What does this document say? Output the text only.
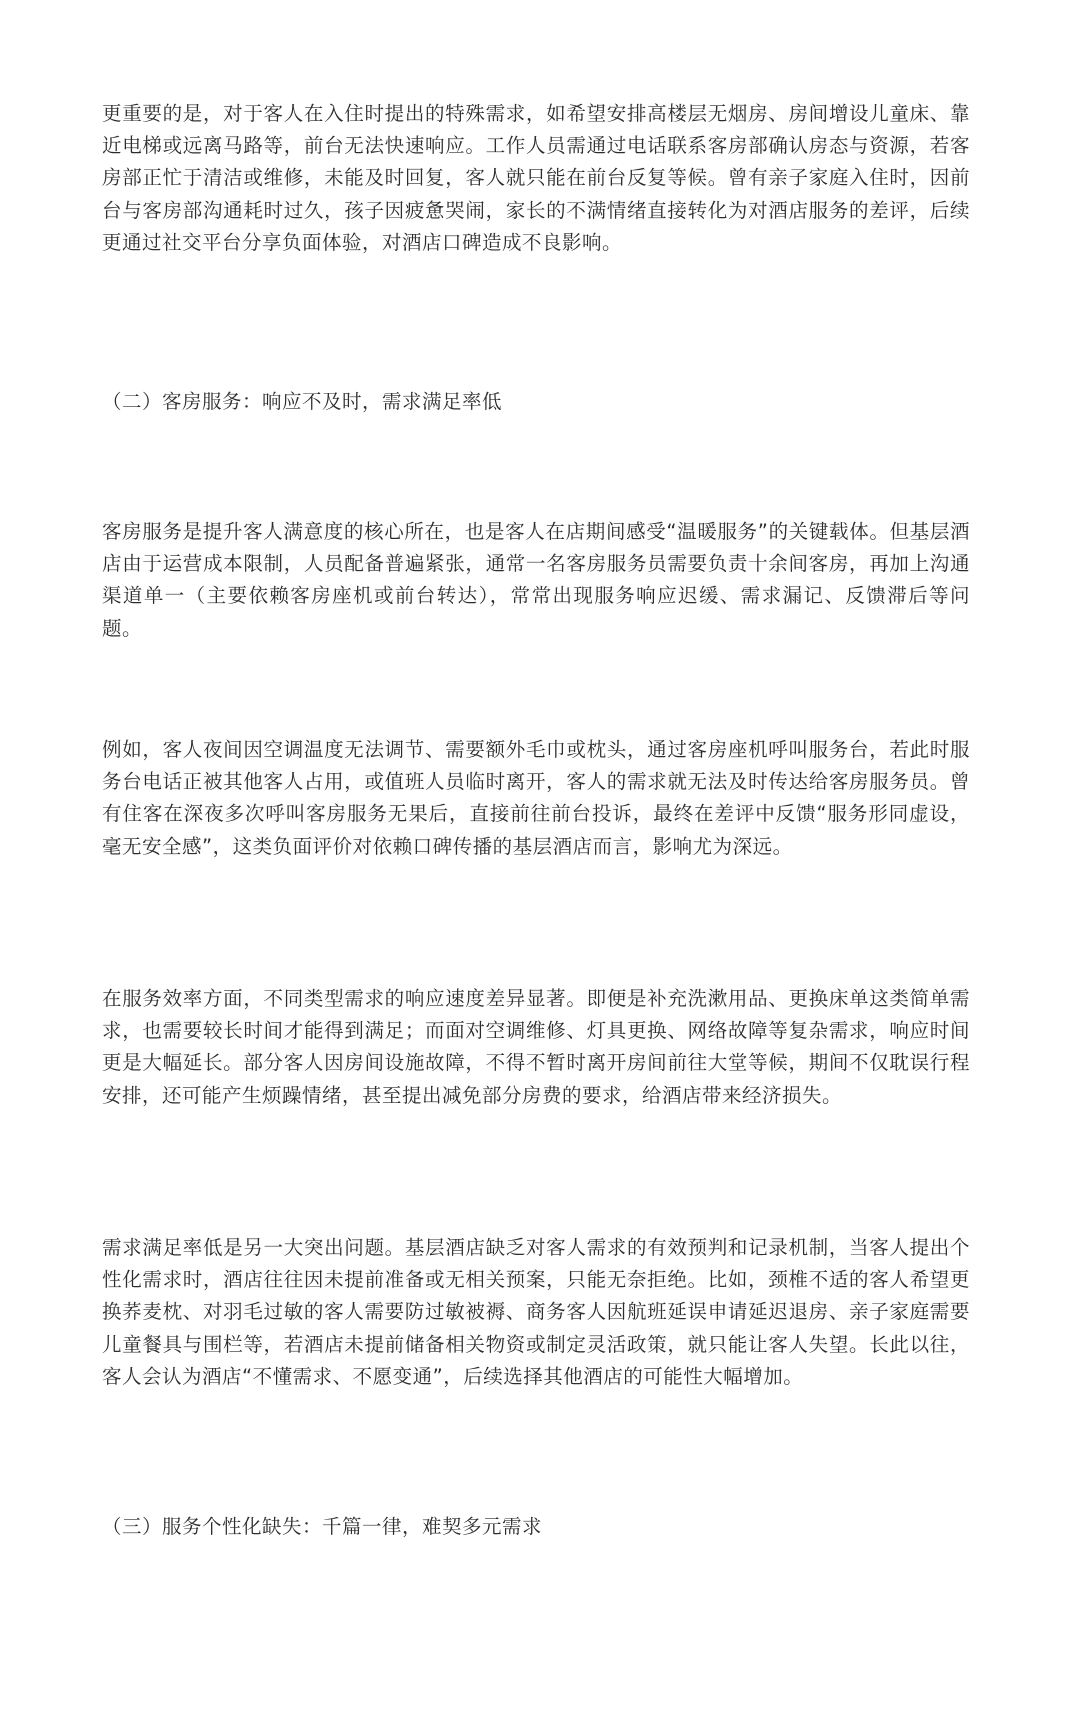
更重要的是，对于客人在入住时提出的特殊需求，如希望安排高楼层无烟房、房间增设儿童床、靠近电梯或远离马路等，前台无法快速响应。工作人员需通过电话联系客房部确认房态与资源，若客房部正忙于清洁或维修，未能及时回复，客人就只能在前台反复等候。曾有亲子家庭入住时，因前台与客房部沟通耗时过久，孩子因疲惫哭闹，家长的不满情绪直接转化为对酒店服务的差评，后续更通过社交平台分享负面体验，对酒店口碑造成不良影响。

（二）客房服务：响应不及时，需求满足率低

客房服务是提升客人满意度的核心所在，也是客人在店期间感受“温暖服务”的关键载体。但基层酒店由于运营成本限制，人员配备普遍紧张，通常一名客房服务员需要负责十余间客房，再加上沟通渠道单一（主要依赖客房座机或前台转达），常常出现服务响应迟缓、需求漏记、反馈滞后等问题。

例如，客人夜间因空调温度无法调节、需要额外毛巾或枕头，通过客房座机呼叫服务台，若此时服务台电话正被其他客人占用，或值班人员临时离开，客人的需求就无法及时传达给客房服务员。曾有住客在深夜多次呼叫客房服务无果后，直接前往前台投诉，最终在差评中反馈“服务形同虚设，毫无安全感”，这类负面评价对依赖口碑传播的基层酒店而言，影响尤为深远。

在服务效率方面，不同类型需求的响应速度差异显著。即便是补充洗漱用品、更换床单这类简单需求，也需要较长时间才能得到满足；而面对空调维修、灯具更换、网络故障等复杂需求，响应时间更是大幅延长。部分客人因房间设施故障，不得不暂时离开房间前往大堂等候，期间不仅耽误行程安排，还可能产生烦躁情绪，甚至提出减免部分房费的要求，给酒店带来经济损失。

需求满足率低是另一大突出问题。基层酒店缺乏对客人需求的有效预判和记录机制，当客人提出个性化需求时，酒店往往因未提前准备或无相关预案，只能无奈拒绝。比如，颈椎不适的客人希望更换荞麦枕、对羽毛过敏的客人需要防过敏被褥、商务客人因航班延误申请延迟退房、亲子家庭需要儿童餐具与围栏等，若酒店未提前储备相关物资或制定灵活政策，就只能让客人失望。长此以往，客人会认为酒店“不懂需求、不愿变通”，后续选择其他酒店的可能性大幅增加。

（三）服务个性化缺失：千篇一律，难契多元需求
